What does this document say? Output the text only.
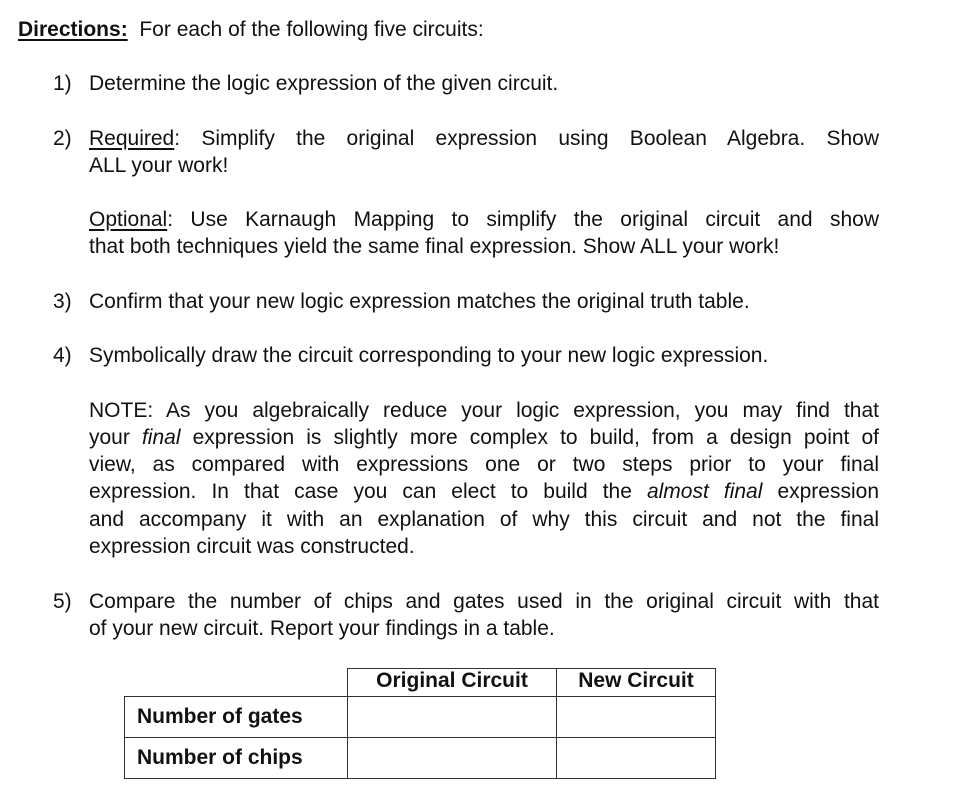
Directions: For each of the following five circuits:
1) Determine the logic expression of the given circuit.
2) Required: Simplify the original expression using Boolean Algebra. Show
ALL your work!
Optional: Use Karnaugh Mapping to simplify the original circuit and show
that both techniques yield the same final expression. Show ALL your work!
3) Confirm that your new logic expression matches the original truth table.
4) Symbolically draw the circuit corresponding to your new logic expression.
NOTE: As you algebraically reduce your logic expression, you may find that
your final expression is slightly more complex to build, from a design point of
view, as compared with expressions one or two steps prior to your final
expression. In that case you can elect to build the almost final expression
and accompany it with an explanation of why this circuit and not the final
expression circuit was constructed.
5) Compare the number of chips and gates used in the original circuit with that
of your new circuit. Report your findings in a table.
	Original Circuit	New Circuit
Number of gates		
Number of chips		
